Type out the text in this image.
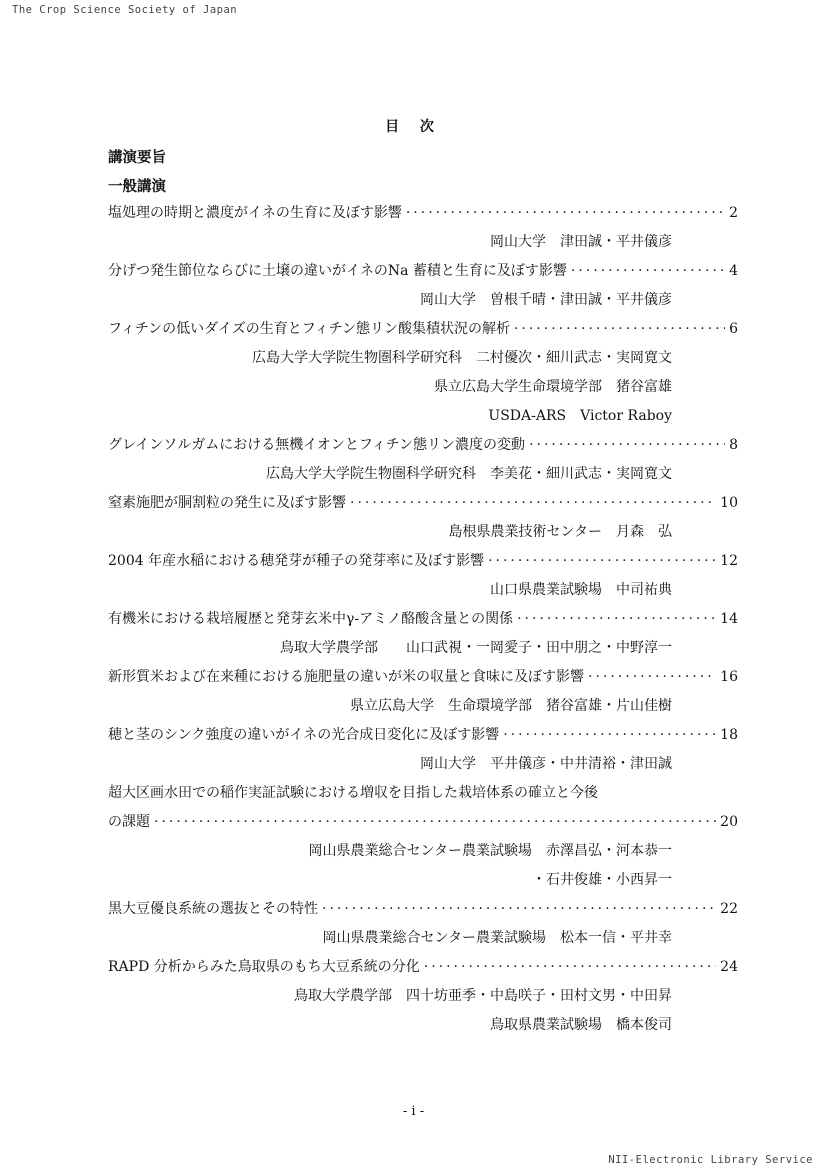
The Crop Science Society of Japan
目 次
講演要旨
一般講演
塩処理の時期と濃度がイネの生育に及ぼす影響 ·····	2
岡山大学　津田誠・平井儀彦
分げつ発生節位ならびに土壌の違いがイネのNa 蓄積と生育に及ぼす影響 ·····	4
岡山大学　曽根千晴・津田誠・平井儀彦
フィチンの低いダイズの生育とフィチン態リン酸集積状況の解析 ·····	6
広島大学大学院生物圏科学研究科　二村優次・細川武志・実岡寛文
県立広島大学生命環境学部　猪谷富雄
USDA-ARS　Victor Raboy
グレインソルガムにおける無機イオンとフィチン態リン濃度の変動 ·····	8
広島大学大学院生物圏科学研究科　李美花・細川武志・実岡寛文
窒素施肥が胴割粒の発生に及ぼす影響 ·····	10
島根県農業技術センター　月森　弘
2004 年産水稲における穂発芽が種子の発芽率に及ぼす影響 ·····	12
山口県農業試験場　中司祐典
有機米における栽培履歴と発芽玄米中γ-アミノ酪酸含量との関係 ·····	14
鳥取大学農学部　　山口武視・一岡愛子・田中朋之・中野淳一
新形質米および在来種における施肥量の違いが米の収量と食味に及ぼす影響 ·····	16
県立広島大学　生命環境学部　猪谷富雄・片山佳樹
穂と茎のシンク強度の違いがイネの光合成日変化に及ぼす影響 ·····	18
岡山大学　平井儀彦・中井清裕・津田誠
超大区画水田での稲作実証試験における増収を目指した栽培体系の確立と今後
の課題 ·····	20
岡山県農業総合センター農業試験場　赤澤昌弘・河本恭一
・石井俊雄・小西昇一
黒大豆優良系統の選抜とその特性 ·····	22
岡山県農業総合センター農業試験場　松本一信・平井幸
RAPD 分析からみた鳥取県のもち大豆系統の分化 ·····	24
鳥取大学農学部　四十坊亜季・中島咲子・田村文男・中田昇
鳥取県農業試験場　橋本俊司
- i -
NII-Electronic Library Service
